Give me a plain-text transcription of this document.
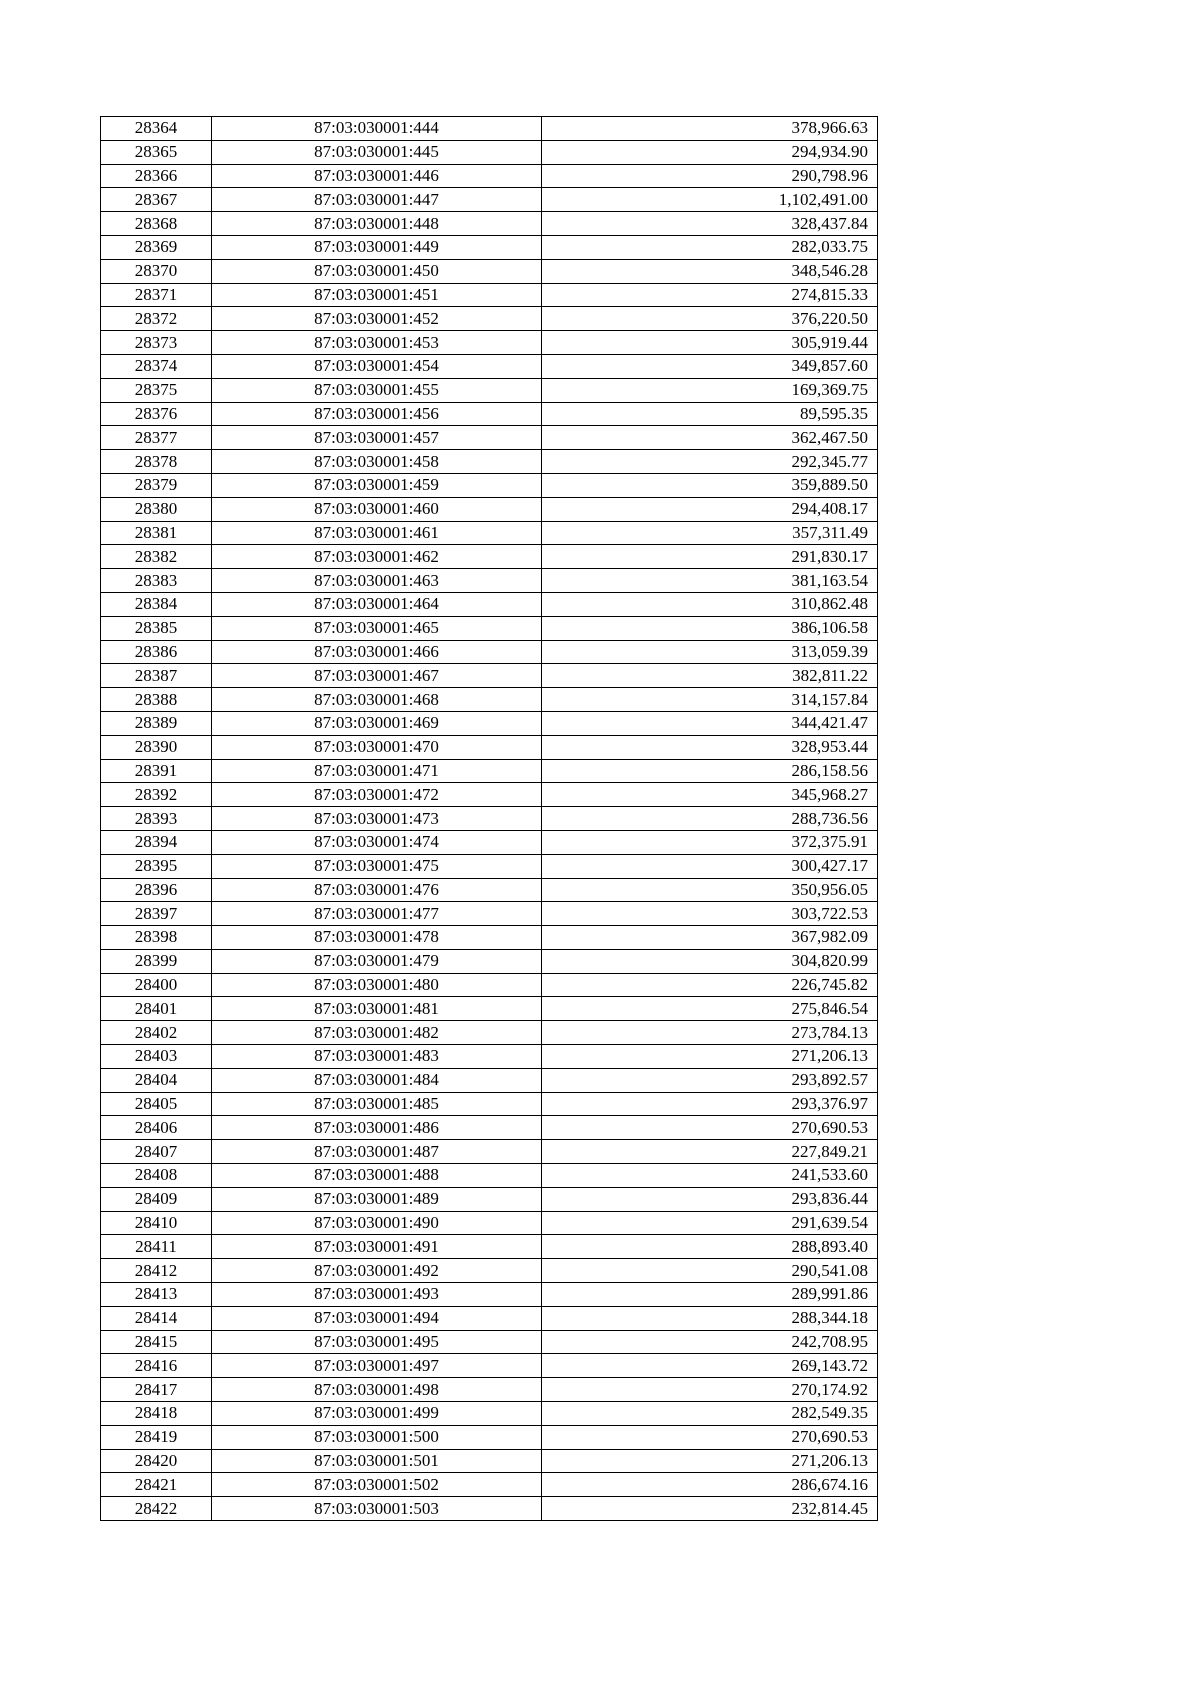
28364	87:03:030001:444	378,966.63
28365	87:03:030001:445	294,934.90
28366	87:03:030001:446	290,798.96
28367	87:03:030001:447	1,102,491.00
28368	87:03:030001:448	328,437.84
28369	87:03:030001:449	282,033.75
28370	87:03:030001:450	348,546.28
28371	87:03:030001:451	274,815.33
28372	87:03:030001:452	376,220.50
28373	87:03:030001:453	305,919.44
28374	87:03:030001:454	349,857.60
28375	87:03:030001:455	169,369.75
28376	87:03:030001:456	89,595.35
28377	87:03:030001:457	362,467.50
28378	87:03:030001:458	292,345.77
28379	87:03:030001:459	359,889.50
28380	87:03:030001:460	294,408.17
28381	87:03:030001:461	357,311.49
28382	87:03:030001:462	291,830.17
28383	87:03:030001:463	381,163.54
28384	87:03:030001:464	310,862.48
28385	87:03:030001:465	386,106.58
28386	87:03:030001:466	313,059.39
28387	87:03:030001:467	382,811.22
28388	87:03:030001:468	314,157.84
28389	87:03:030001:469	344,421.47
28390	87:03:030001:470	328,953.44
28391	87:03:030001:471	286,158.56
28392	87:03:030001:472	345,968.27
28393	87:03:030001:473	288,736.56
28394	87:03:030001:474	372,375.91
28395	87:03:030001:475	300,427.17
28396	87:03:030001:476	350,956.05
28397	87:03:030001:477	303,722.53
28398	87:03:030001:478	367,982.09
28399	87:03:030001:479	304,820.99
28400	87:03:030001:480	226,745.82
28401	87:03:030001:481	275,846.54
28402	87:03:030001:482	273,784.13
28403	87:03:030001:483	271,206.13
28404	87:03:030001:484	293,892.57
28405	87:03:030001:485	293,376.97
28406	87:03:030001:486	270,690.53
28407	87:03:030001:487	227,849.21
28408	87:03:030001:488	241,533.60
28409	87:03:030001:489	293,836.44
28410	87:03:030001:490	291,639.54
28411	87:03:030001:491	288,893.40
28412	87:03:030001:492	290,541.08
28413	87:03:030001:493	289,991.86
28414	87:03:030001:494	288,344.18
28415	87:03:030001:495	242,708.95
28416	87:03:030001:497	269,143.72
28417	87:03:030001:498	270,174.92
28418	87:03:030001:499	282,549.35
28419	87:03:030001:500	270,690.53
28420	87:03:030001:501	271,206.13
28421	87:03:030001:502	286,674.16
28422	87:03:030001:503	232,814.45
